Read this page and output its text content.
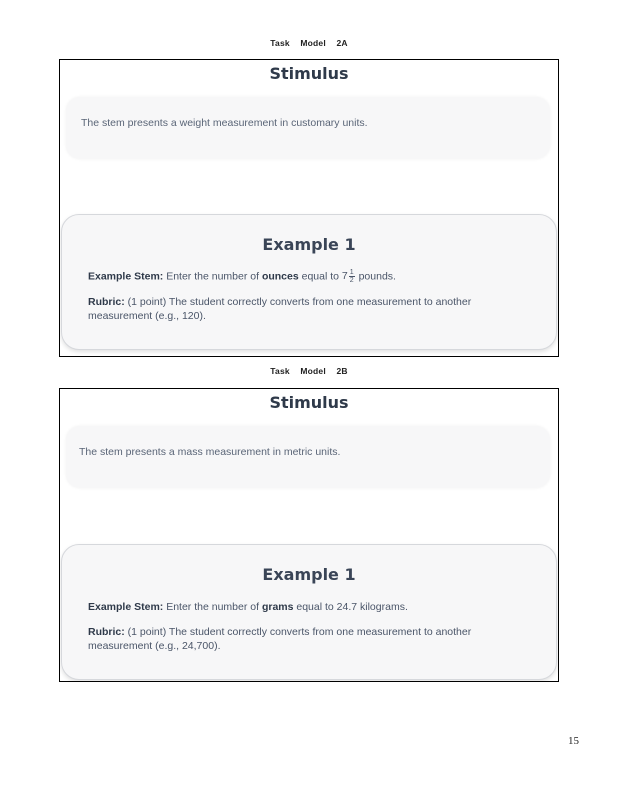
Task Model 2A
Stimulus
The stem presents a weight measurement in customary units.
Example 1
Example Stem: Enter the number of ounces equal to $7 \frac{1}{2}$ pounds.
Rubric: (1 point) The student correctly converts from one measurement to another measurement (e.g., 120).
Task Model 2B
Stimulus
The stem presents a mass measurement in metric units.
Example 1
Example Stem: Enter the number of grams equal to 24.7 kilograms.
Rubric: (1 point) The student correctly converts from one measurement to another measurement (e.g., 24,700).
15
